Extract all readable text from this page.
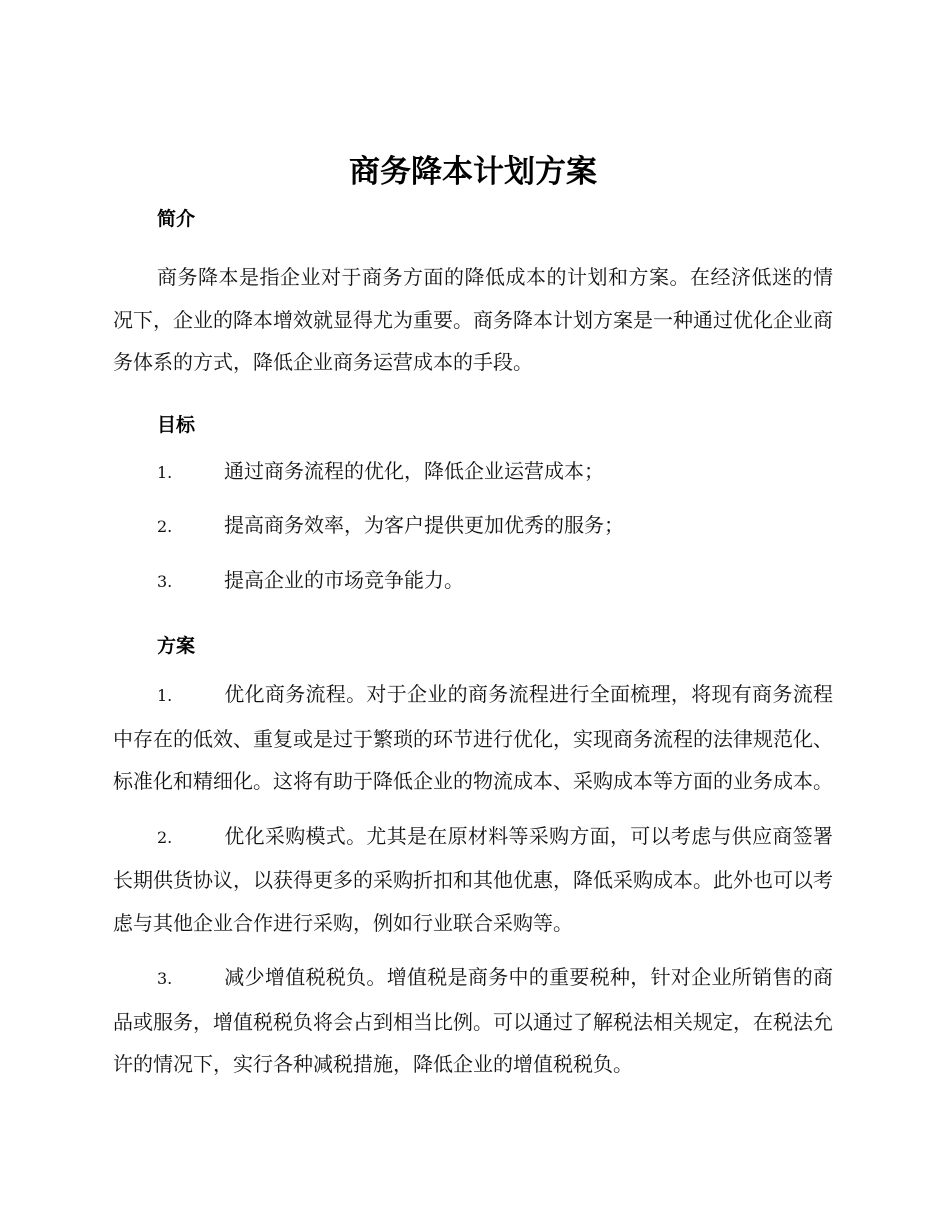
商务降本计划方案
简介

商务降本是指企业对于商务方面的降低成本的计划和方案。在经济低迷的情况下，企业的降本增效就显得尤为重要。商务降本计划方案是一种通过优化企业商务体系的方式，降低企业商务运营成本的手段。

目标

1.	通过商务流程的优化，降低企业运营成本；

2.	提高商务效率，为客户提供更加优秀的服务；

3.	提高企业的市场竞争能力。

方案

1.	优化商务流程。对于企业的商务流程进行全面梳理，将现有商务流程中存在的低效、重复或是过于繁琐的环节进行优化，实现商务流程的法律规范化、标准化和精细化。这将有助于降低企业的物流成本、采购成本等方面的业务成本。

2.	优化采购模式。尤其是在原材料等采购方面，可以考虑与供应商签署长期供货协议，以获得更多的采购折扣和其他优惠，降低采购成本。此外也可以考虑与其他企业合作进行采购，例如行业联合采购等。

3.	减少增值税税负。增值税是商务中的重要税种，针对企业所销售的商品或服务，增值税税负将会占到相当比例。可以通过了解税法相关规定，在税法允许的情况下，实行各种减税措施，降低企业的增值税税负。
